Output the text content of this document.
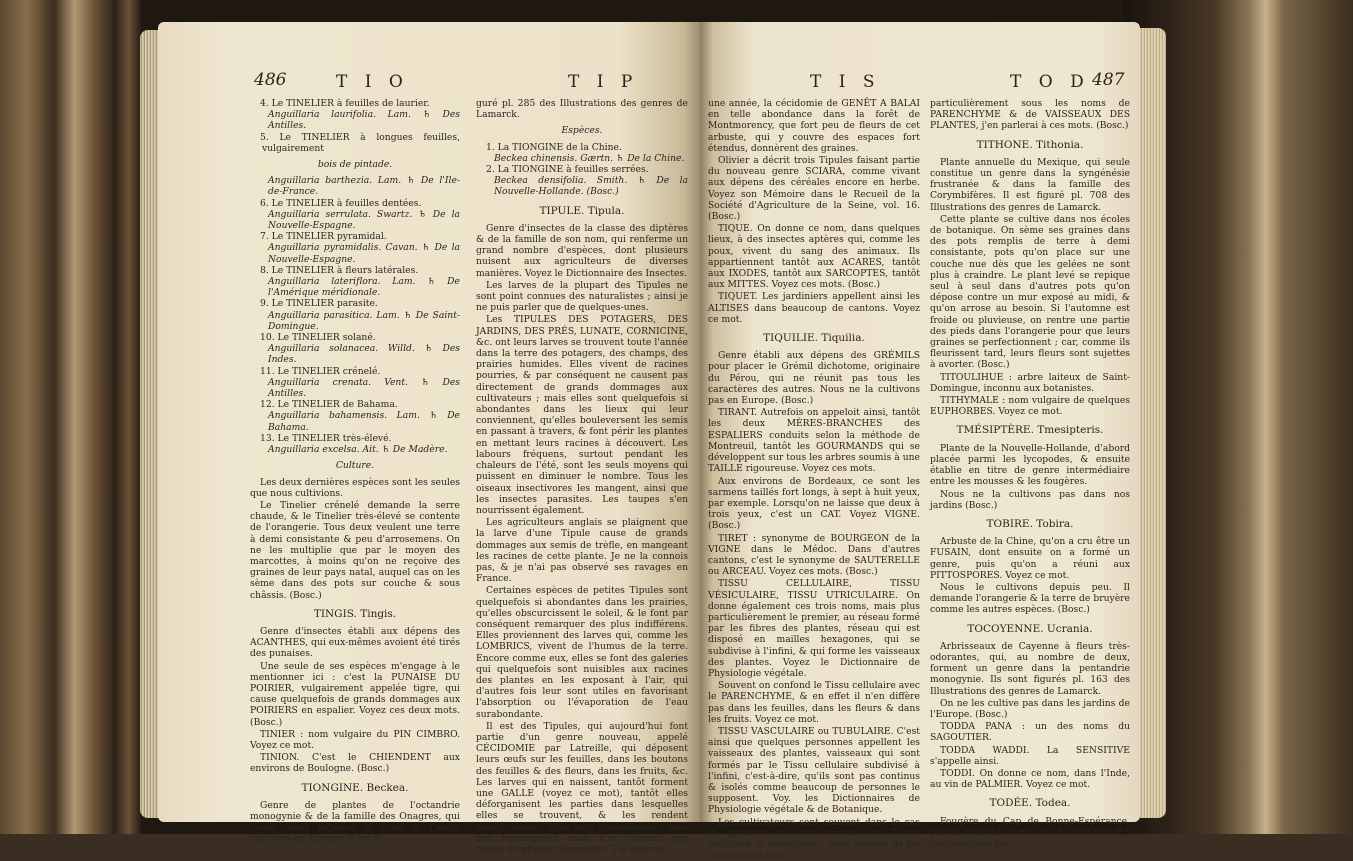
486	T I O	T I P

4. Le TINELIER à feuilles de laurier.

Anguillaria laurifolia. Lam. ♄ Des Antilles.

5. Le TINELIER à longues feuilles, vulgairement

bois de pintade.

Anguillaria barthezia. Lam. ♄ De l'Ile-de-France.

6. Le TINELIER à feuilles dentées.

Anguillaria serrulata. Swartz. ♄ De la Nouvelle-Espagne.

7. Le TINELIER pyramidal.

Anguillaria pyramidalis. Cavan. ♄ De la Nouvelle-Espagne.

8. Le TINELIER à fleurs latérales.

Anguillaria lateriflora. Lam. ♄ De l'Amérique méridionale.

9. Le TINELIER parasite.

Anguillaria parasitica. Lam. ♄ De Saint-Domingue.

10. Le TINELIER solané.

Anguillaria solanacea. Willd. ♄ Des Indes.

11. Le TINELIER crénelé.

Anguillaria crenata. Vent. ♄ Des Antilles.

12. Le TINELIER de Bahama.

Anguillaria bahamensis. Lam. ♄ De Bahama.

13. Le TINELIER très-élevé.

Anguillaria excelsa. Ait. ♄ De Madère.

Culture.

Les deux dernières espèces sont les seules que nous cultivions.

Le Tinelier crénelé demande la serre chaude, & le Tinelier très-élevé se contente de l'orangerie. Tous deux veulent une terre à demi consistante & peu d'arrosemens. On ne les multiplie que par le moyen des marcottes, à moins qu'on ne reçoive des graines de leur pays natal, auquel cas on les sème dans des pots sur couche & sous châssis. (Bosc.)

TINGIS. Tingis.

Genre d'insectes établi aux dépens des ACANTHES, qui eux-mêmes avoient été tirés des punaises.

Une seule de ses espèces m'engage à le mentionner ici : c'est la PUNAISE DU POIRIER, vulgairement appelée tigre, qui cause quelquefois de grands dommages aux POIRIERS en espalier. Voyez ces deux mots. (Bosc.)

TINIER : nom vulgaire du PIN CIMBRO. Voyez ce mot.

TINION. C'est le CHIENDENT aux environs de Boulogne. (Bosc.)

TIONGINE. Beckea.

Genre de plantes de l'octandrie monogynie & de la famille des Onagres, qui réunit deux espèces ni l'une ni l'autre cultivées en Europe. Il est fi-

guré pl. 285 des Illustrations des genres de Lamarck.

Espèces.

1. La TIONGINE de la Chine.

Beckea chinensis. Gærtn. ♄ De la Chine.

2. La TIONGINE à feuilles serrées.

Beckea densifolia. Smith. ♄ De la Nouvelle-Hollande. (Bosc.)

TIPULE. Tipula.

Genre d'insectes de la classe des diptères & de la famille de son nom, qui renferme un grand nombre d'espèces, dont plusieurs nuisent aux agriculteurs de diverses manières. Voyez le Dictionnaire des Insectes.

Les larves de la plupart des Tipules ne sont point connues des naturalistes ; ainsi je ne puis parler que de quelques-unes.

Les TIPULES DES POTAGERS, DES JARDINS, DES PRÉS, LUNATE, CORNICINE, &c. ont leurs larves se trouvent toute l'année dans la terre des potagers, des champs, des prairies humides. Elles vivent de racines pourries, & par conséquent ne causent pas directement de grands dommages aux cultivateurs ; mais elles sont quelquefois si abondantes dans les lieux qui leur conviennent, qu'elles bouleversent les semis en passant à travers, & font périr les plantes en mettant leurs racines à découvert. Les labours fréquens, surtout pendant les chaleurs de l'été, sont les seuls moyens qui puissent en diminuer le nombre. Tous les oiseaux insectivores les mangent, ainsi que les insectes parasites. Les taupes s'en nourrissent également.

Les agriculteurs anglais se plaignent que la larve d'une Tipule cause de grands dommages aux semis de trèfle, en mangeant les racines de cette plante. Je ne la connois pas, & je n'ai pas observé ses ravages en France.

Certaines espèces de petites Tipules sont quelquefois si abondantes dans les prairies, qu'elles obscurcissent le soleil, & le font par conséquent remarquer des plus indifférens. Elles proviennent des larves qui, comme les LOMBRICS, vivent de l'humus de la terre. Encore comme eux, elles se font des galeries qui quelquefois sont nuisibles aux racines des plantes en les exposant à l'air, qui d'autres fois leur sont utiles en favorisant l'absorption ou l'évaporation de l'eau surabondante.

Il est des Tipules, qui aujourd'hui font partie d'un genre nouveau, appelé CÉCIDOMIE par Latreille, qui déposent leurs œufs sur les feuilles, dans les boutons des feuilles & des fleurs, dans les fruits, &c. Les larves qui en naissent, tantôt forment une GALLE (voyez ce mot), tantôt elles déforganisent les parties dans lesquelles elles se trouvent, & les rendent monstrueuses. Elles sont généralement très-peu remarquées, mais n'en causent pas moins de grands dommages. J'ai observé,

T I S	T O D 487

une année, la cécidomie de GENÊT A BALAI en telle abondance dans la forêt de Montmorency, que fort peu de fleurs de cet arbuste, qui y couvre des espaces fort étendus, donnèrent des graines.

Olivier a décrit trois Tipules faisant partie du nouveau genre SCIARA, comme vivant aux dépens des céréales encore en herbe. Voyez son Mémoire dans le Recueil de la Société d'Agriculture de la Seine, vol. 16. (Bosc.)

TIQUE. On donne ce nom, dans quelques lieux, à des insectes aptères qui, comme les poux, vivent du sang des animaux. Ils appartiennent tantôt aux ACARES, tantôt aux IXODES, tantôt aux SARCOPTES, tantôt aux MITTES. Voyez ces mots. (Bosc.)

TIQUET. Les jardiniers appellent ainsi les ALTISES dans beaucoup de cantons. Voyez ce mot.

TIQUILIE. Tiquilia.

Genre établi aux dépens des GRÉMILS pour placer le Grémil dichotome, originaire du Pérou, qui ne réunit pas tous les caractères des autres. Nous ne la cultivons pas en Europe. (Bosc.)

TIRANT. Autrefois on appeloit ainsi, tantôt les deux MÈRES-BRANCHES des ESPALIERS conduits selon la méthode de Montreuil, tantôt les GOURMANDS qui se développent sur tous les arbres soumis à une TAILLE rigoureuse. Voyez ces mots.

Aux environs de Bordeaux, ce sont les sarmens taillés fort longs, à sept à huit yeux, par exemple. Lorsqu'on ne laisse que deux à trois yeux, c'est un CAT. Voyez VIGNE. (Bosc.)

TIRET : synonyme de BOURGEON de la VIGNE dans le Médoc. Dans d'autres cantons, c'est le synonyme de SAUTERELLE ou ARCEAU. Voyez ces mots. (Bosc.)

TISSU CELLULAIRE, TISSU VÉSICULAIRE, TISSU UTRICULAIRE. On donne également ces trois noms, mais plus particulièrement le premier, au réseau formé par les fibres des plantes, réseau qui est disposé en mailles hexagones, qui se subdivise à l'infini, & qui forme les vaisseaux des plantes. Voyez le Dictionnaire de Physiologie végétale.

Souvent on confond le Tissu cellulaire avec le PARENCHYME, & en effet il n'en diffère pas dans les feuilles, dans les fleurs & dans les fruits. Voyez ce mot.

TISSU VASCULAIRE ou TUBULAIRE. C'est ainsi que quelques personnes appellent les vaisseaux des plantes, vaisseaux qui sont formés par le Tissu cellulaire subdivisé à l'infini, c'est-à-dire, qu'ils sont pas continus & isolés comme beaucoup de personnes le supposent. Voy. les Dictionnaires de Physiologie végétale & de Botanique.

Les cultivateurs sont souvent dans le cas de prendre en considération les Tissus cellulaire & vasculaire ; mais comme ils les connoissent plus

particulièrement sous les noms de PARENCHYME & de VAISSEAUX DES PLANTES, j'en parlerai à ces mots. (Bosc.)

TITHONE. Tithonia.

Plante annuelle du Mexique, qui seule constitue un genre dans la syngénésie frustranée & dans la famille des Corymbifères. Il est figuré pl. 708 des Illustrations des genres de Lamarck.

Cette plante se cultive dans nos écoles de botanique. On sème ses graines dans des pots remplis de terre à demi consistante, pots qu'on place sur une couche nue dès que les gelées ne sont plus à craindre. Le plant levé se repique seul à seul dans d'autres pots qu'on dépose contre un mur exposé au midi, & qu'on arrose au besoin. Si l'automne est froide ou pluvieuse, on rentre une partie des pieds dans l'orangerie pour que leurs graines se perfectionnent ; car, comme ils fleurissent tard, leurs fleurs sont sujettes à avorter. (Bosc.)

TITOULIHUE : arbre laiteux de Saint-Domingue, inconnu aux botanistes.

TITHYMALE : nom vulgaire de quelques EUPHORBES. Voyez ce mot.

TMÉSIPTÈRE. Tmesipteris.

Plante de la Nouvelle-Hollande, d'abord placée parmi les lycopodes, & ensuite établie en titre de genre intermédiaire entre les mousses & les fougères.

Nous ne la cultivons pas dans nos jardins (Bosc.)

TOBIRE. Tobira.

Arbuste de la Chine, qu'on a cru être un FUSAIN, dont ensuite on a formé un genre, puis qu'on a réuni aux PITTOSPORES. Voyez ce mot.

Nous le cultivons depuis peu. Il demande l'orangerie & la terre de bruyère comme les autres espèces. (Bosc.)

TOCOYENNE. Ucrania.

Arbrisseaux de Cayenne à fleurs très-odorantes, qui, au nombre de deux, forment un genre dans la pentandrie monogynie. Ils sont figurés pl. 163 des Illustrations des genres de Lamarck.

On ne les cultive pas dans les jardins de l'Europe. (Bosc.)

TODDA PANA : un des noms du SAGOUTIER.

TODDA WADDI. La SENSITIVE s'appelle ainsi.

TODDI. On donne ce nom, dans l'Inde, au vin de PALMIER. Voyez ce mot.

TODÉE. Todea.

Fougère du Cap de Bonne-Espérance, placée d'abord parmi les ACROSTIQUES (acrostichum bar-
